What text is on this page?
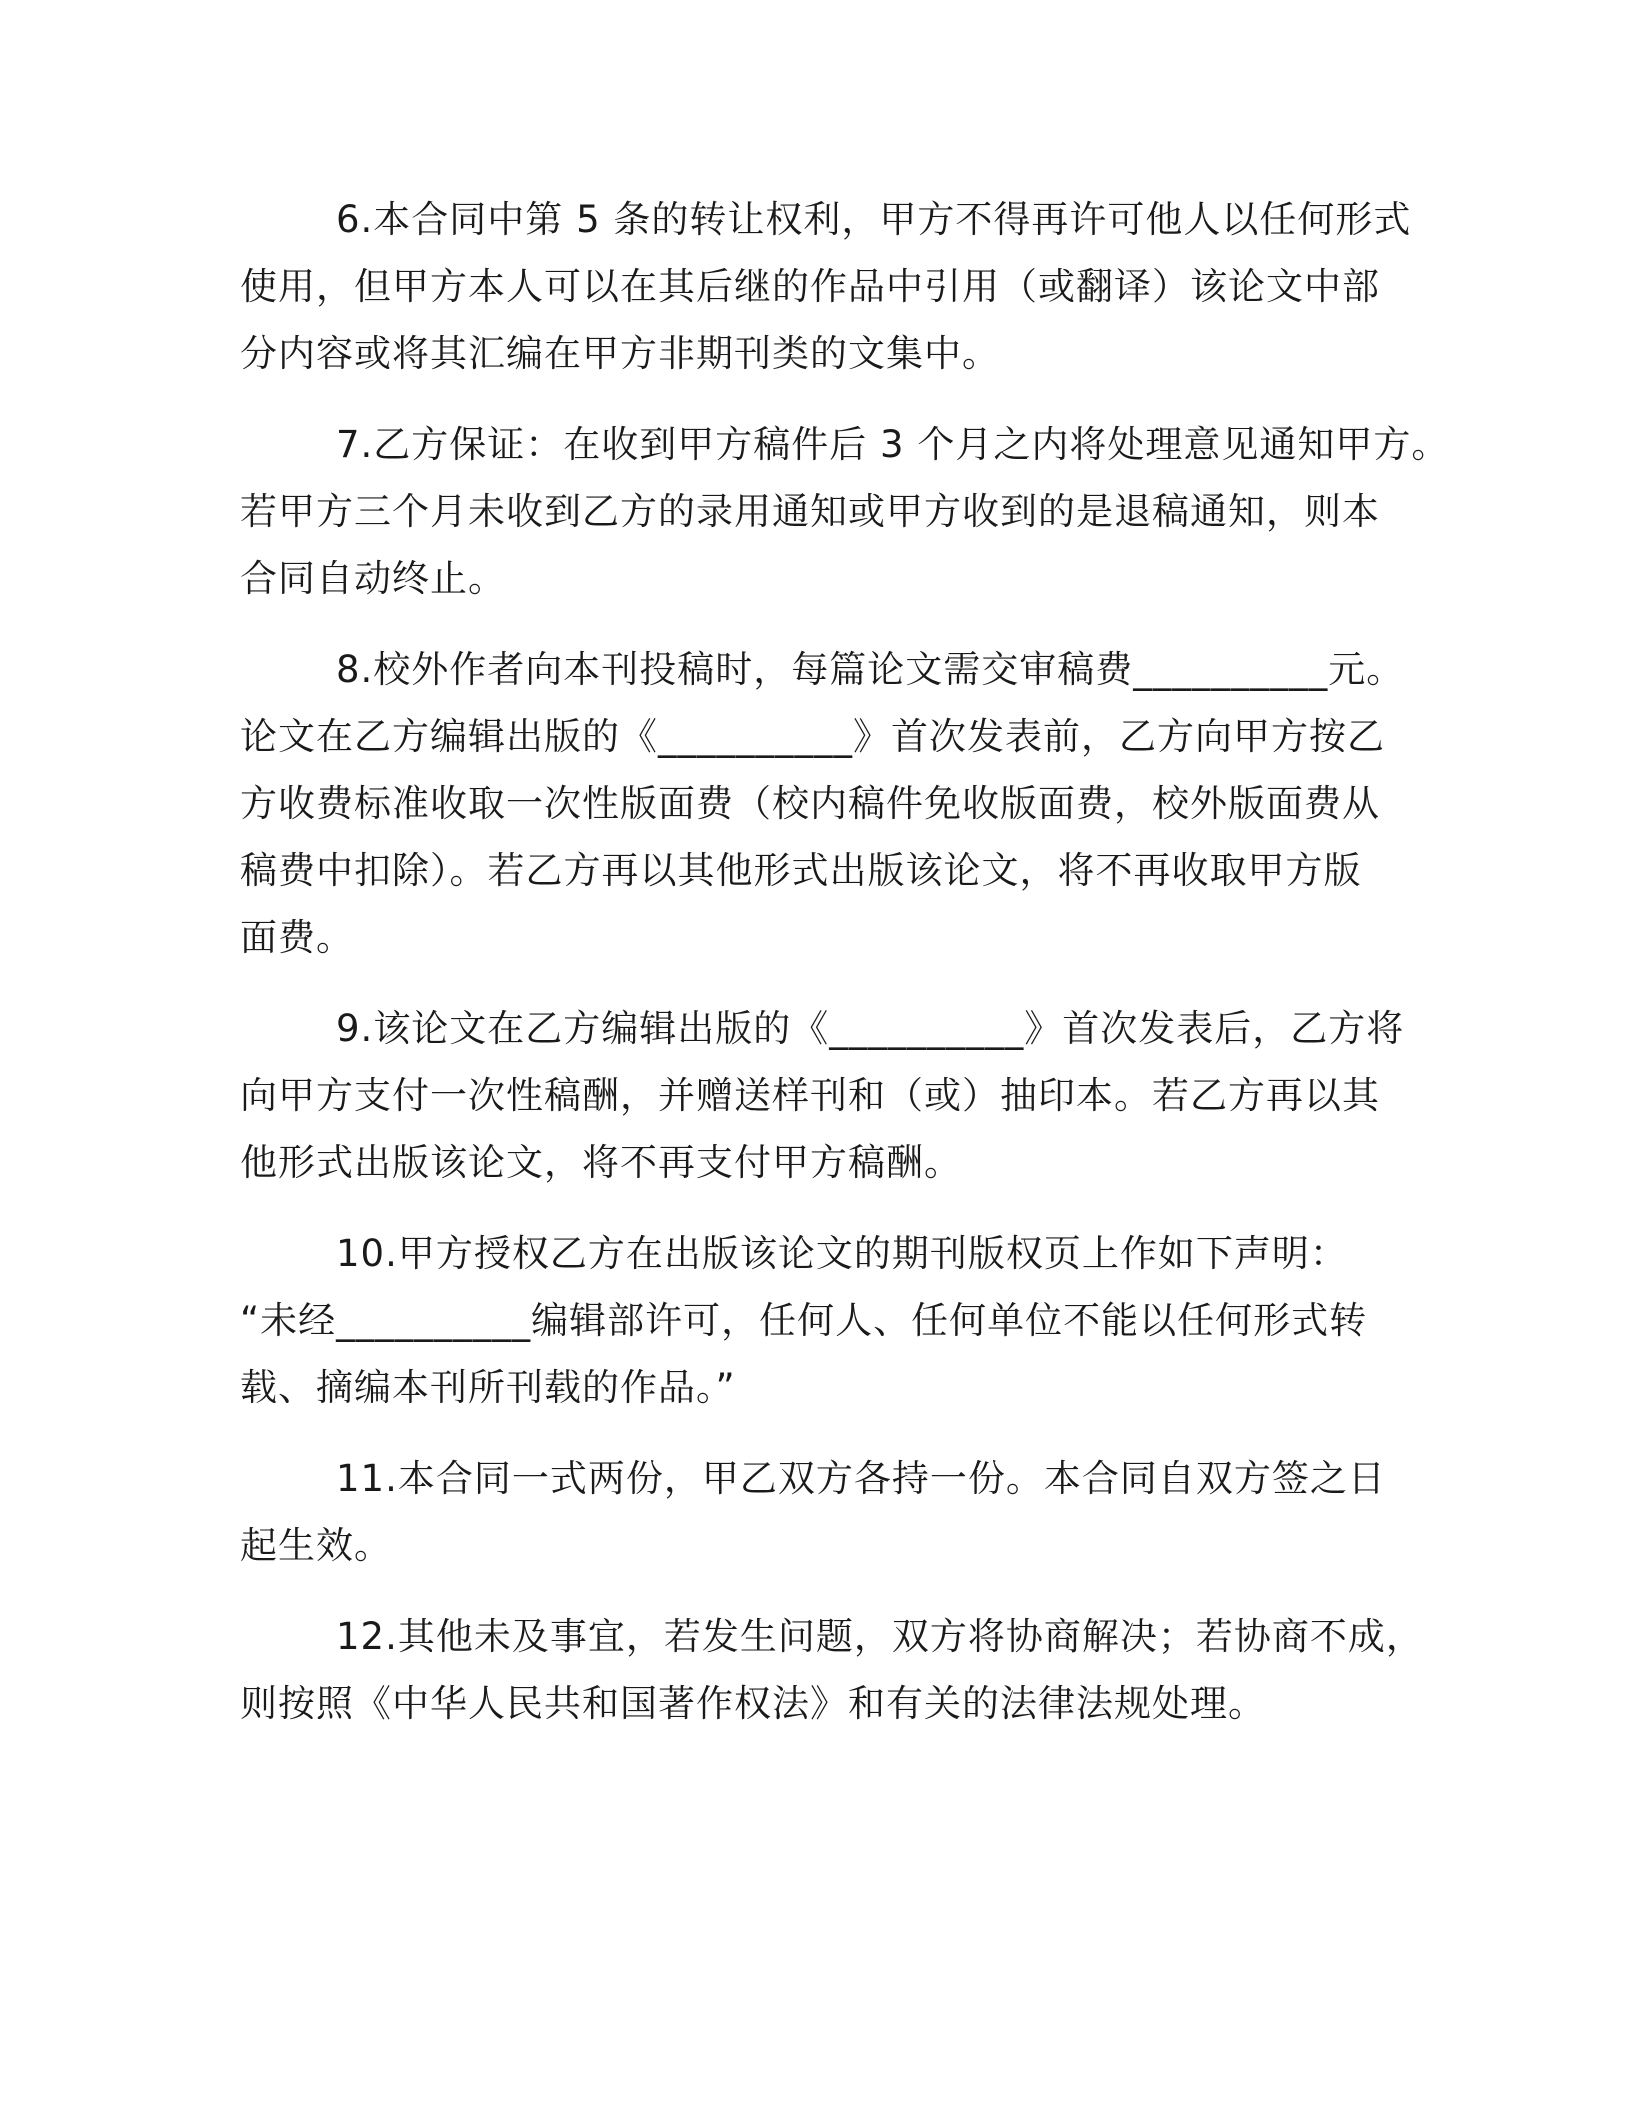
6.本合同中第 5 条的转让权利，甲方不得再许可他人以任何形式
使用，但甲方本人可以在其后继的作品中引用（或翻译）该论文中部
分内容或将其汇编在甲方非期刊类的文集中。
7.乙方保证：在收到甲方稿件后 3 个月之内将处理意见通知甲方。
若甲方三个月未收到乙方的录用通知或甲方收到的是退稿通知，则本
合同自动终止。
8.校外作者向本刊投稿时，每篇论文需交审稿费__________元。
论文在乙方编辑出版的《__________》首次发表前，乙方向甲方按乙
方收费标准收取一次性版面费（校内稿件免收版面费，校外版面费从
稿费中扣除）。若乙方再以其他形式出版该论文，将不再收取甲方版
面费。
9.该论文在乙方编辑出版的《__________》首次发表后，乙方将
向甲方支付一次性稿酬，并赠送样刊和（或）抽印本。若乙方再以其
他形式出版该论文，将不再支付甲方稿酬。
10.甲方授权乙方在出版该论文的期刊版权页上作如下声明：
“未经__________编辑部许可，任何人、任何单位不能以任何形式转
载、摘编本刊所刊载的作品。”
11.本合同一式两份，甲乙双方各持一份。本合同自双方签之日
起生效。
12.其他未及事宜，若发生问题，双方将协商解决；若协商不成，
则按照《中华人民共和国著作权法》和有关的法律法规处理。
